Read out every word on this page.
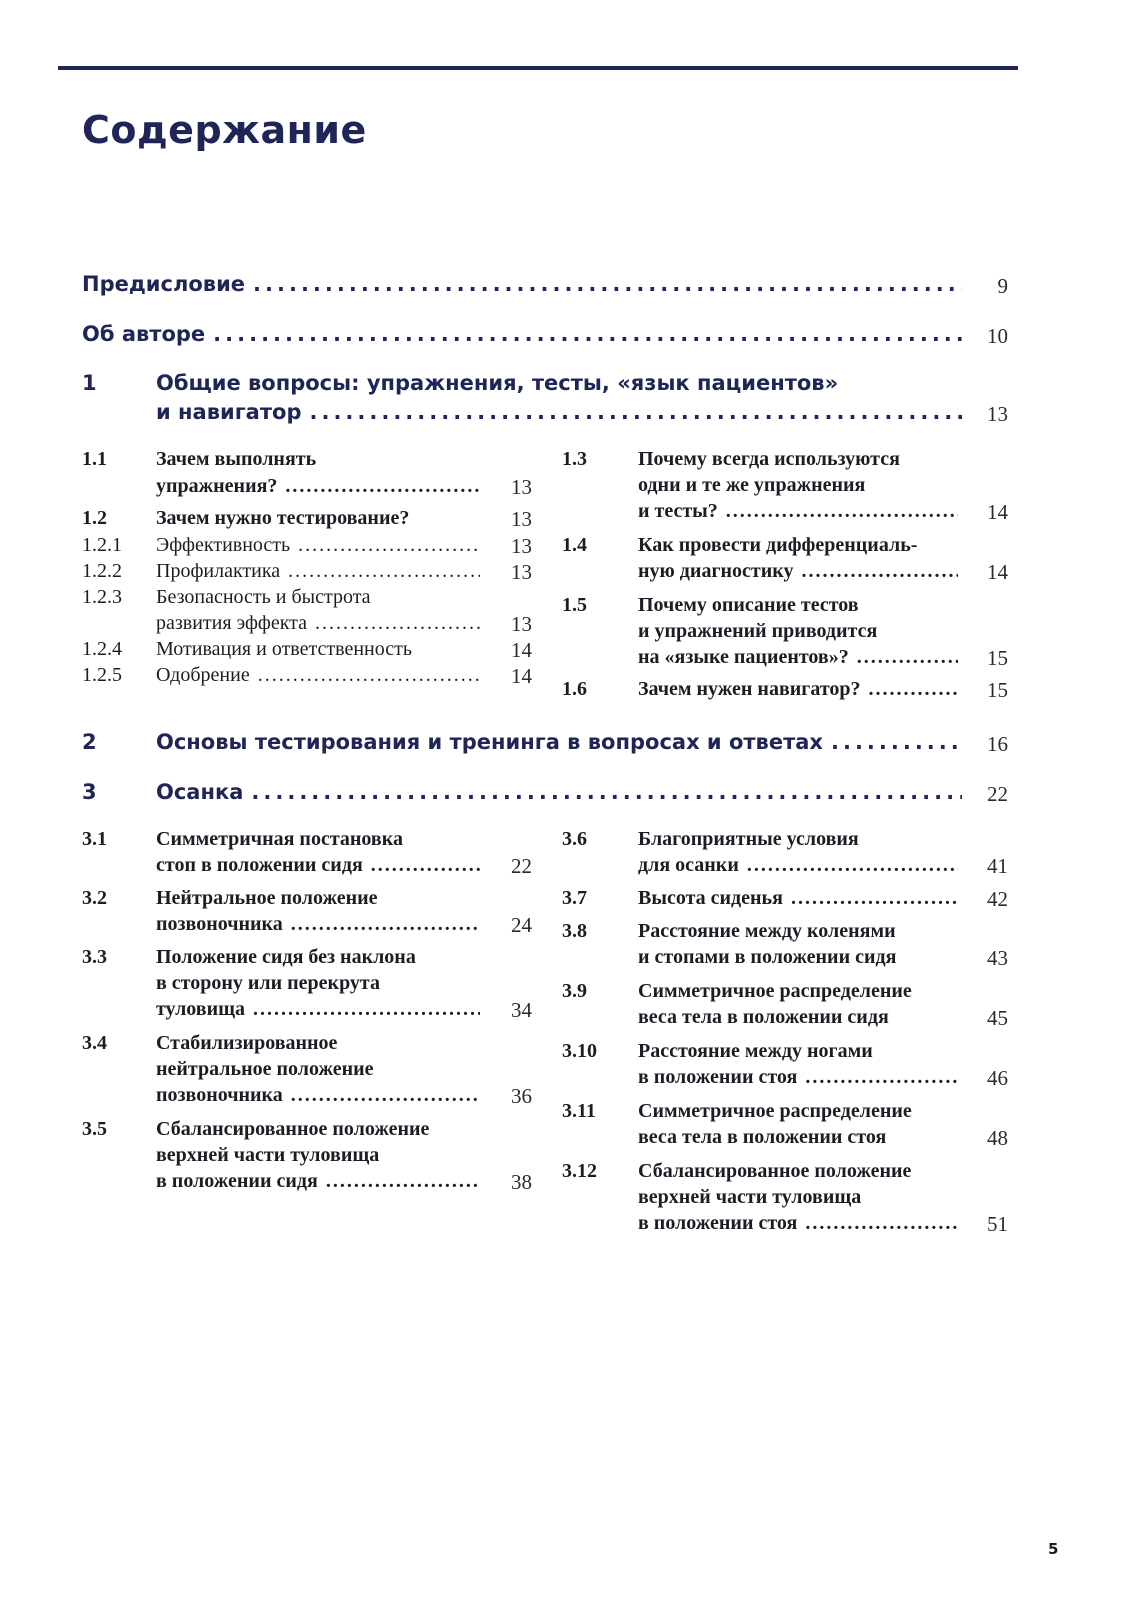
Содержание
Предисловие .....	9
Об авторе .....	10
1	Общие вопросы: упражнения, тесты, «язык пациентов»
и навигатор .....	13
1.1 Зачем выполнять
упражнения? .....	13
1.2 Зачем нужно тестирование?	13
1.2.1 Эффективность .....	13
1.2.2 Профилактика .....	13
1.2.3 Безопасность и быстрота
развития эффекта .....	13
1.2.4 Мотивация и ответственность	14
1.2.5 Одобрение .....	14
1.3	Почему всегда используются
одни и те же упражнения
и тесты? .....	14
1.4	Как провести дифференциаль-
ную диагностику .....	14
1.5	Почему описание тестов
и упражнений приводится
на «языке пациентов»? .....	15
1.6	Зачем нужен навигатор? .....	15
2	Основы тестирования и тренинга в вопросах и ответах .....	16
3	Осанка .....	22
3.1 Симметричная постановка
стоп в положении сидя .....	22
3.2 Нейтральное положение
позвоночника .....	24
3.3 Положение сидя без наклона
в сторону или перекрута
туловища .....	34
3.4 Стабилизированное
нейтральное положение
позвоночника .....	36
3.5 Сбалансированное положение
верхней части туловища
в положении сидя .....	38
3.6	Благоприятные условия
для осанки .....	41
3.7	Высота сиденья .....	42
3.8	Расстояние между коленями
и стопами в положении сидя	43
3.9	Симметричное распределение
веса тела в положении сидя	45
3.10 Расстояние между ногами
в положении стоя .....	46
3.11 Симметричное распределение
веса тела в положении стоя	48
3.12 Сбалансированное положение
верхней части туловища
в положении стоя .....	51
5
